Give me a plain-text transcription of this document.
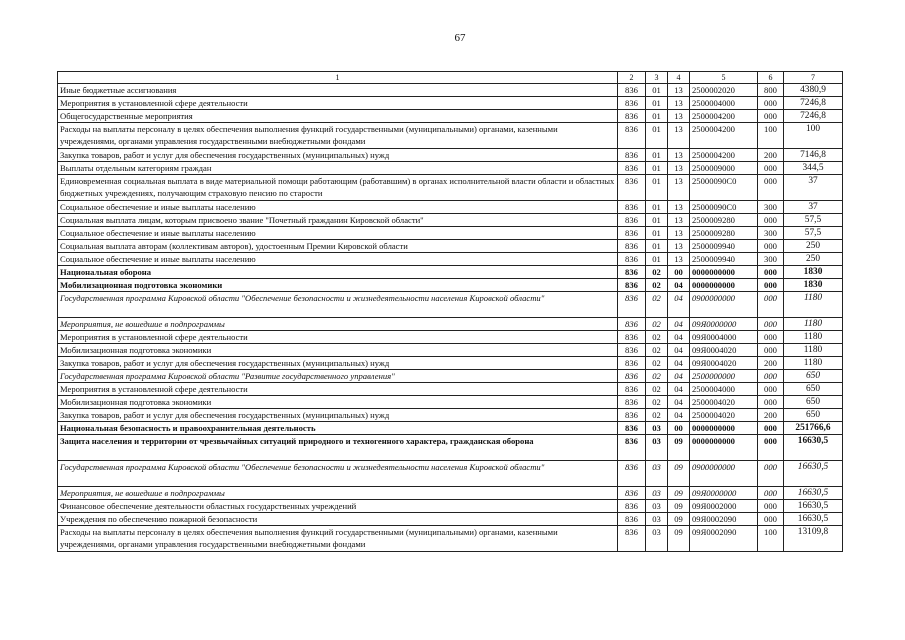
67
1	2	3	4	5	6	7
Иные бюджетные ассигнования	836	01	13	2500002020	800	4380,9
Мероприятия в установленной сфере деятельности	836	01	13	2500004000	000	7246,8
Общегосударственные мероприятия	836	01	13	2500004200	000	7246,8
Расходы на выплаты персоналу в целях обеспечения выполнения функций государственными (муниципальными) органами, казенными учреждениями, органами управления государственными внебюджетными фондами	836	01	13	2500004200	100	100
Закупка товаров, работ и услуг для обеспечения государственных (муниципальных) нужд	836	01	13	2500004200	200	7146,8
Выплаты отдельным категориям граждан	836	01	13	2500009000	000	344,5
Единовременная социальная выплата в виде материальной помощи работающим (работавшим) в органах исполнительной власти области и областных бюджетных учреждениях, получающим страховую пенсию по старости	836	01	13	25000090С0	000	37
Социальное обеспечение и иные выплаты населению	836	01	13	25000090С0	300	37
Социальная выплата лицам, которым присвоено звание "Почетный гражданин Кировской области"	836	01	13	2500009280	000	57,5
Социальное обеспечение и иные выплаты населению	836	01	13	2500009280	300	57,5
Социальная выплата авторам (коллективам авторов), удостоенным Премии Кировской области	836	01	13	2500009940	000	250
Социальное обеспечение и иные выплаты населению	836	01	13	2500009940	300	250
Национальная оборона	836	02	00	0000000000	000	1830
Мобилизационная подготовка экономики	836	02	04	0000000000	000	1830
Государственная программа Кировской области "Обеспечение безопасности и жизнедеятельности населения Кировской области"	836	02	04	0900000000	000	1180
Мероприятия, не вошедшие в подпрограммы	836	02	04	09Я0000000	000	1180
Мероприятия в установленной сфере деятельности	836	02	04	09Я0004000	000	1180
Мобилизационная подготовка экономики	836	02	04	09Я0004020	000	1180
Закупка товаров, работ и услуг для обеспечения государственных (муниципальных) нужд	836	02	04	09Я0004020	200	1180
Государственная программа Кировской области "Развитие государственного управления"	836	02	04	2500000000	000	650
Мероприятия в установленной сфере деятельности	836	02	04	2500004000	000	650
Мобилизационная подготовка экономики	836	02	04	2500004020	000	650
Закупка товаров, работ и услуг для обеспечения государственных (муниципальных) нужд	836	02	04	2500004020	200	650
Национальная безопасность и правоохранительная деятельность	836	03	00	0000000000	000	251766,6
Защита населения и территории от чрезвычайных ситуаций природного и техногенного характера, гражданская оборона	836	03	09	0000000000	000	16630,5
Государственная программа Кировской области "Обеспечение безопасности и жизнедеятельности населения Кировской области"	836	03	09	0900000000	000	16630,5
Мероприятия, не вошедшие в подпрограммы	836	03	09	09Я0000000	000	16630,5
Финансовое обеспечение деятельности областных государственных учреждений	836	03	09	09Я0002000	000	16630,5
Учреждения по обеспечению пожарной безопасности	836	03	09	09Я0002090	000	16630,5
Расходы на выплаты персоналу в целях обеспечения выполнения функций государственными (муниципальными) органами, казенными учреждениями, органами управления государственными внебюджетными фондами	836	03	09	09Я0002090	100	13109,8
